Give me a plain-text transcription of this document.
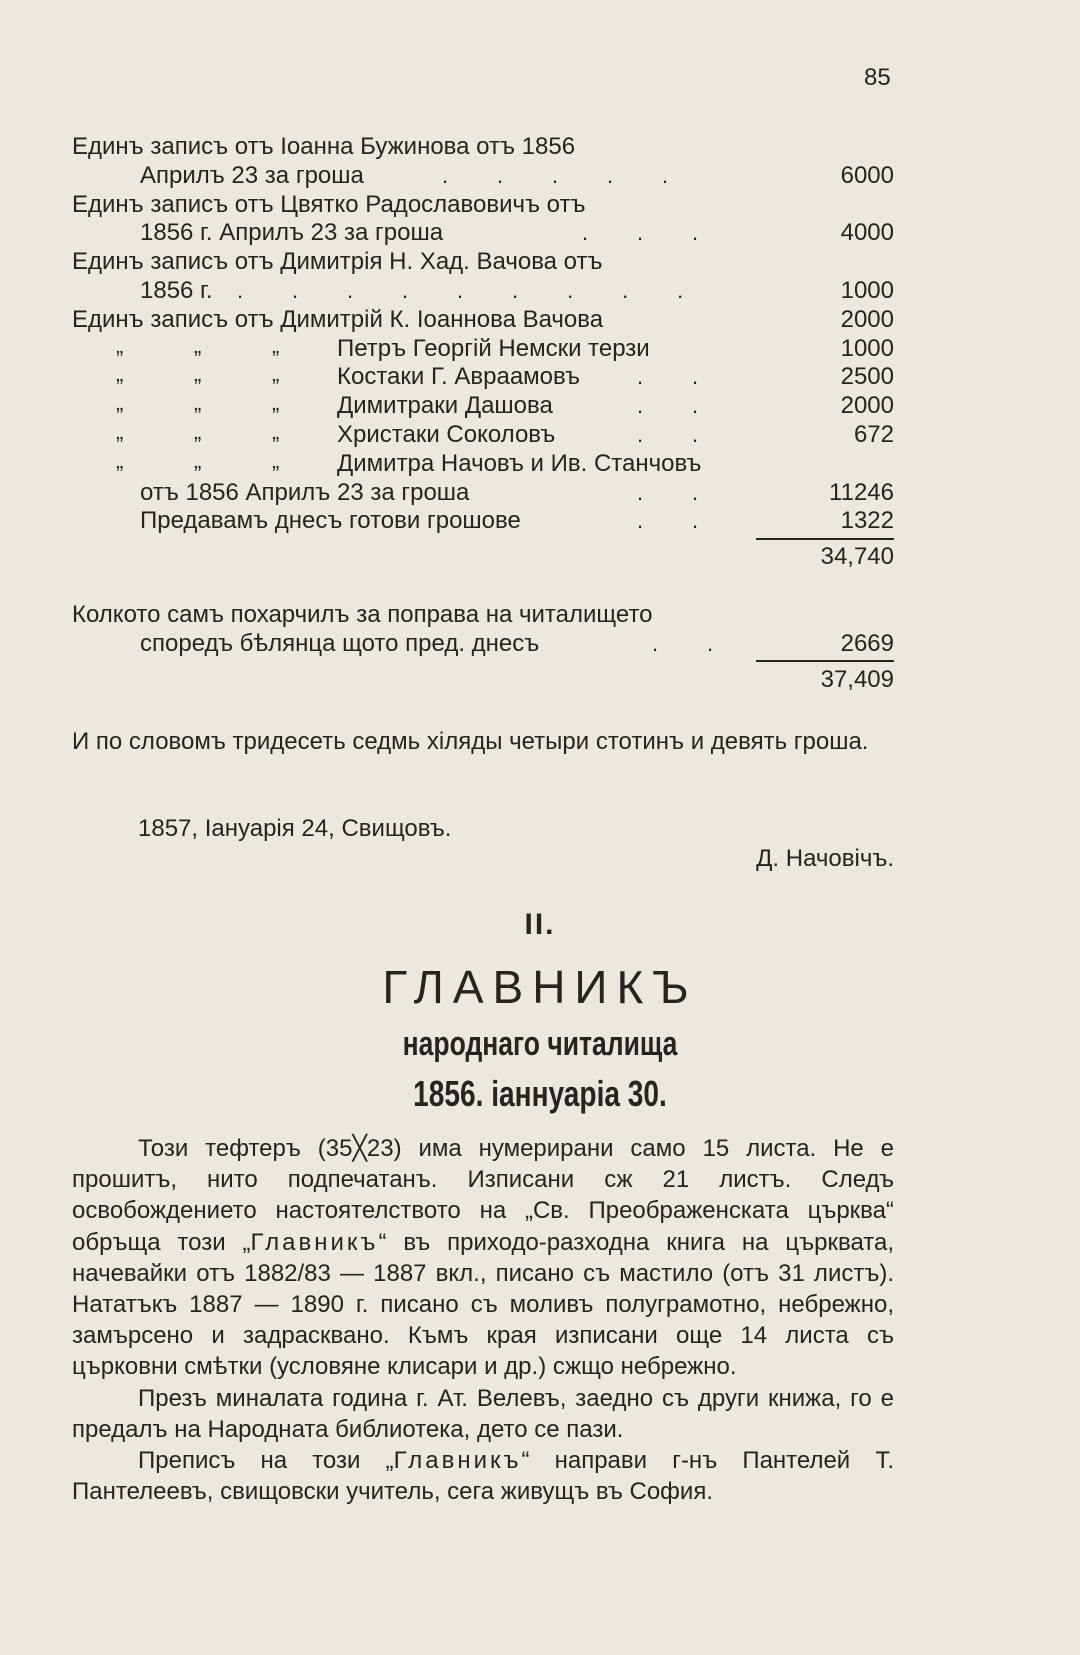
85
Единъ записъ отъ Іоанна Бужинова отъ 1856
Априлъ 23 за гроша	.        .        .        .        .	6000
Единъ записъ отъ Цвятко Радославовичъ отъ
1856 г. Априлъ 23 за гроша	.        .        .	4000
Единъ записъ отъ Димитрія Н. Хад. Вачова отъ
1856 г. .        .        .        .        .        .        .        .        .	1000
Единъ записъ отъ Димитрій К. Іоаннова Вачова	2000
„	„	„ Петръ Георгій Немски терзи	1000
„	„	„ Костаки Г. Авраамовъ	.        .	2500
„	„	„ Димитраки Дашова	.        .	2000
„	„	„ Христаки Соколовъ	.        .	672
„	„	„ Димитра Начовъ и Ив. Станчовъ
отъ 1856 Априлъ 23 за гроша	.        .	11246
Предавамъ днесъ готови грошове	.        .	1322
34,740
Колкото самъ похарчилъ за поправа на читалището
споредъ бѣлянца щото пред. днесъ	.        .	2669
37,409
И по словомъ тридесеть седмь хіляды четыри стотинъ и девять гроша.
1857, Іануарія 24, Свищовъ.
Д. Начовічъ.
II.
ГЛАВНИКЪ
народнаго читалища
1856. іаннуаріа 30.

Този тефтеръ (35╳23) има нумерирани само 15 листа. Не е прошитъ, нито подпечатанъ. Изписани сж 21 листъ. Следъ освобождението настоятелството на „Св. Преображенската църква“ обръща този „Главникъ“ въ приходо-разходна книга на църквата, начевайки отъ 1882/83 — 1887 вкл., писано съ мастило (отъ 31 листъ). Нататъкъ 1887 — 1890 г. писано съ моливъ полуграмотно, небрежно, замърсено и задрасквано. Къмъ края изписани още 14 листа съ църковни смѣтки (условяне клисари и др.) сжщо небрежно.

Презъ миналата година г. Ат. Велевъ, заедно съ други книжа, го е предалъ на Народната библиотека, дето се пази.

Преписъ на този „Главникъ“ направи г-нъ Пантелей Т. Пантелеевъ, свищовски учитель, сега живущъ въ София.
